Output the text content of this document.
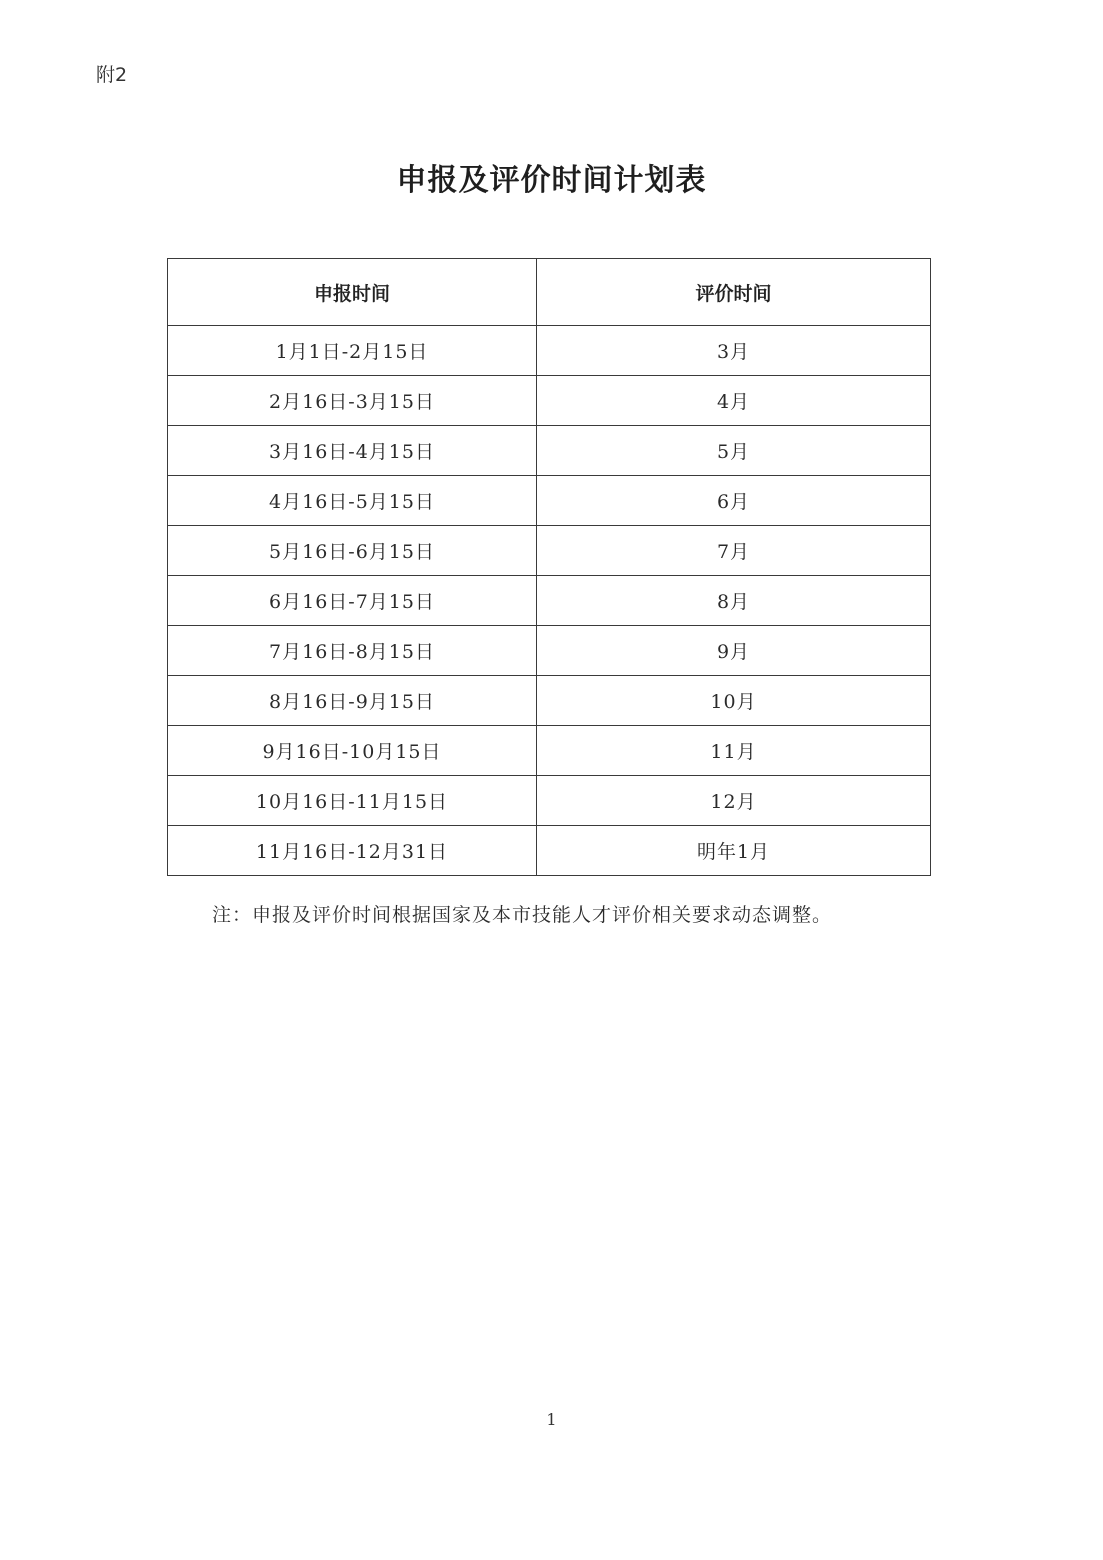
附2
申报及评价时间计划表
申报时间	评价时间
1月1日-2月15日	3月
2月16日-3月15日	4月
3月16日-4月15日	5月
4月16日-5月15日	6月
5月16日-6月15日	7月
6月16日-7月15日	8月
7月16日-8月15日	9月
8月16日-9月15日	10月
9月16日-10月15日	11月
10月16日-11月15日	12月
11月16日-12月31日	明年1月
注：申报及评价时间根据国家及本市技能人才评价相关要求动态调整。
1
